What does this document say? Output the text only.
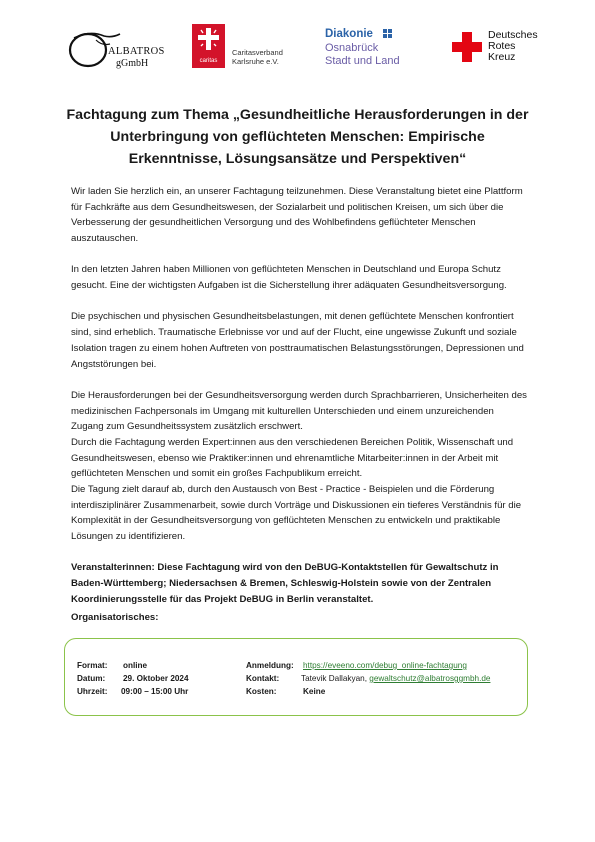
ALBATROS
gGmbH	caritas
Caritasverband
Karlsruhe e.V.
Diakonie
Osnabrück
Stadt und Land
Deutsches
Rotes
Kreuz
Fachtagung zum Thema „Gesundheitliche Herausforderungen in der Unterbringung von geflüchteten Menschen: Empirische Erkenntnisse, Lösungsansätze und Perspektiven“

Wir laden Sie herzlich ein, an unserer Fachtagung teilzunehmen. Diese Veranstaltung bietet eine Plattform für Fachkräfte aus dem Gesundheitswesen, der Sozialarbeit und politischen Kreisen, um sich über die Verbesserung der gesundheitlichen Versorgung und des Wohlbefindens geflüchteter Menschen auszutauschen.

In den letzten Jahren haben Millionen von geflüchteten Menschen in Deutschland und Europa Schutz gesucht. Eine der wichtigsten Aufgaben ist die Sicherstellung ihrer adäquaten Gesundheitsversorgung.

Die psychischen und physischen Gesundheitsbelastungen, mit denen geflüchtete Menschen konfrontiert sind, sind erheblich. Traumatische Erlebnisse vor und auf der Flucht, eine ungewisse Zukunft und soziale Isolation tragen zu einem hohen Auftreten von posttraumatischen Belastungsstörungen, Depressionen und Angststörungen bei.

Die Herausforderungen bei der Gesundheitsversorgung werden durch Sprachbarrieren, Unsicherheiten des medizinischen Fachpersonals im Umgang mit kulturellen Unterschieden und einem unzureichenden Zugang zum Gesundheitssystem zusätzlich erschwert.

Durch die Fachtagung werden Expert:innen aus den verschiedenen Bereichen Politik, Wissenschaft und Gesundheitswesen, ebenso wie Praktiker:innen und ehrenamtliche Mitarbeiter:innen in der Arbeit mit geflüchteten Menschen und somit ein großes Fachpublikum erreicht.

Die Tagung zielt darauf ab, durch den Austausch von Best - Practice - Beispielen und die Förderung interdisziplinärer Zusammenarbeit, sowie durch Vorträge und Diskussionen ein tieferes Verständnis für die Komplexität in der Gesundheitsversorgung von geflüchteten Menschen zu entwickeln und praktikable Lösungen zu identifizieren.

Veranstalterinnen: Diese Fachtagung wird von den DeBUG-Kontaktstellen für Gewaltschutz in Baden-Württemberg; Niedersachsen & Bremen, Schleswig-Holstein sowie von der Zentralen Koordinierungsstelle für das Projekt DeBUG in Berlin veranstaltet.

Organisatorisches:
Format: online
Datum: 29. Oktober 2024
Uhrzeit: 09:00 – 15:00 Uhr
Anmeldung: https://eveeno.com/debug_online-fachtagung
Kontakt:	Tatevik Dallakyan, gewaltschutz@albatrosggmbh.de
Kosten:	Keine
